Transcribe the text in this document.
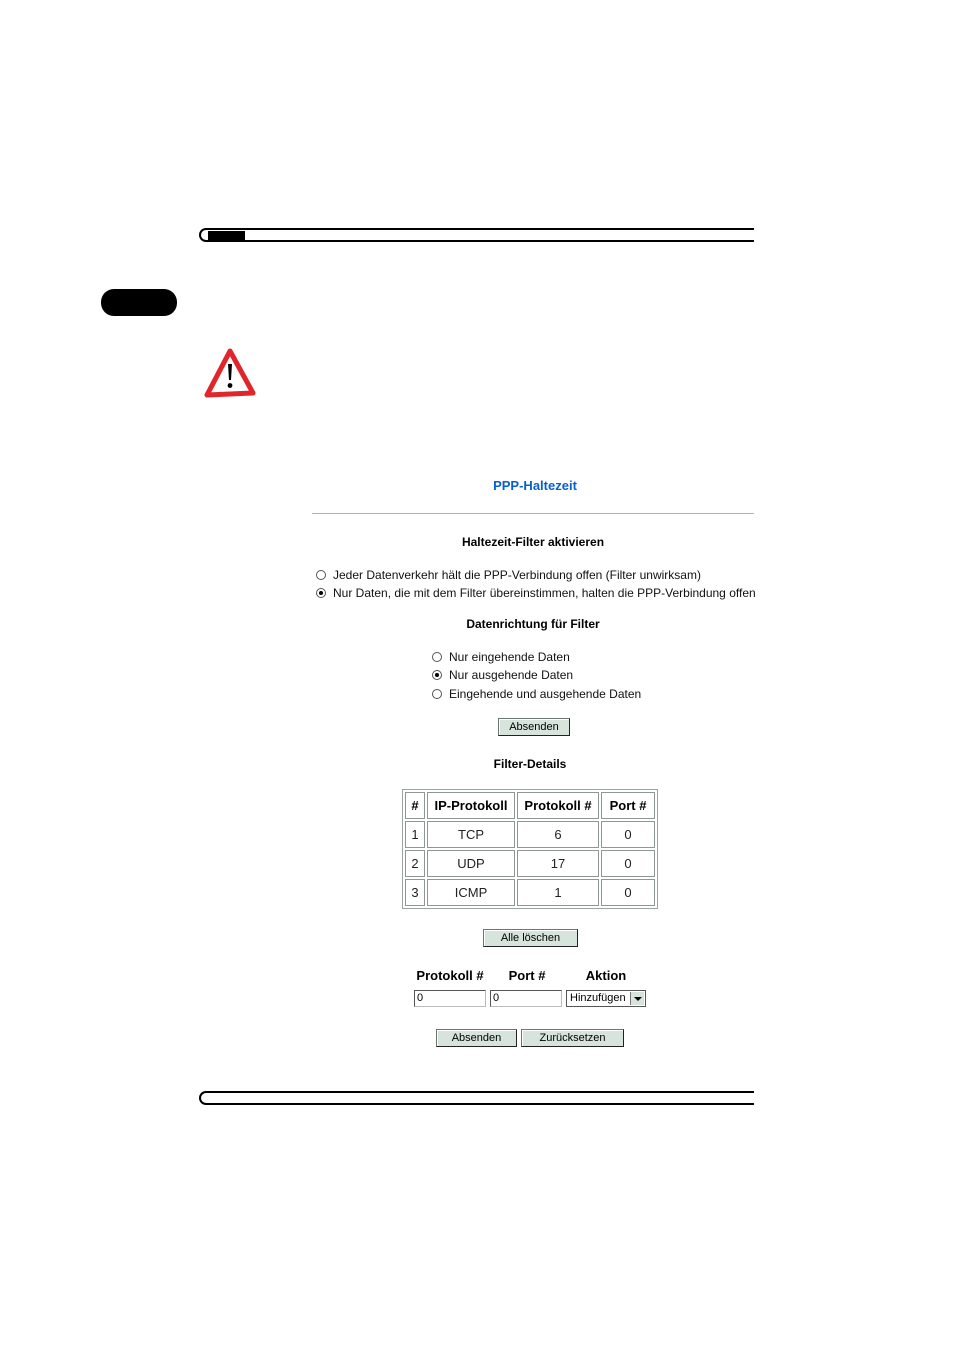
PPP-Haltezeit
Haltezeit-Filter aktivieren
Jeder Datenverkehr hält die PPP-Verbindung offen (Filter unwirksam)
Nur Daten, die mit dem Filter übereinstimmen, halten die PPP-Verbindung offen
Datenrichtung für Filter
Nur eingehende Daten
Nur ausgehende Daten
Eingehende und ausgehende Daten
Absenden
Filter-Details
#	IP-Protokoll	Protokoll #	Port #
1	TCP	6	0
2	UDP	17	0
3	ICMP	1	0
Alle löschen
Protokoll #	Port #	Aktion
0	0	Hinzufügen
Absenden	Zurücksetzen
